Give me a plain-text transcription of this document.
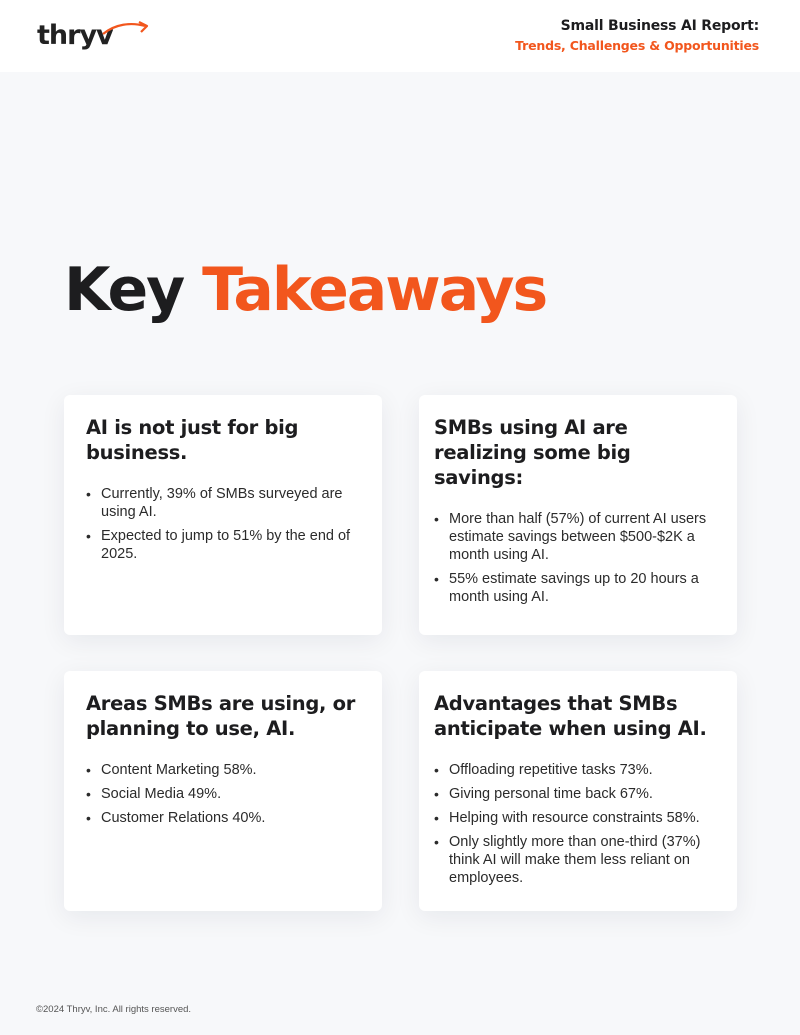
thryv	Small Business AI Report:
Trends, Challenges & Opportunities
Key Takeaways
AI is not just for big business.
• Currently, 39% of SMBs surveyed are using AI.
• Expected to jump to 51% by the end of 2025.
SMBs using AI are realizing some big savings:
• More than half (57%) of current AI users estimate savings between $500-$2K a month using AI.
• 55% estimate savings up to 20 hours a month using AI.
Areas SMBs are using, or planning to use, AI.
• Content Marketing 58%.
• Social Media 49%.
• Customer Relations 40%.
Advantages that SMBs anticipate when using AI.
• Offloading repetitive tasks 73%.
• Giving personal time back 67%.
• Helping with resource constraints 58%.
• Only slightly more than one-third (37%) think AI will make them less reliant on employees.
©2024 Thryv, Inc. All rights reserved.
